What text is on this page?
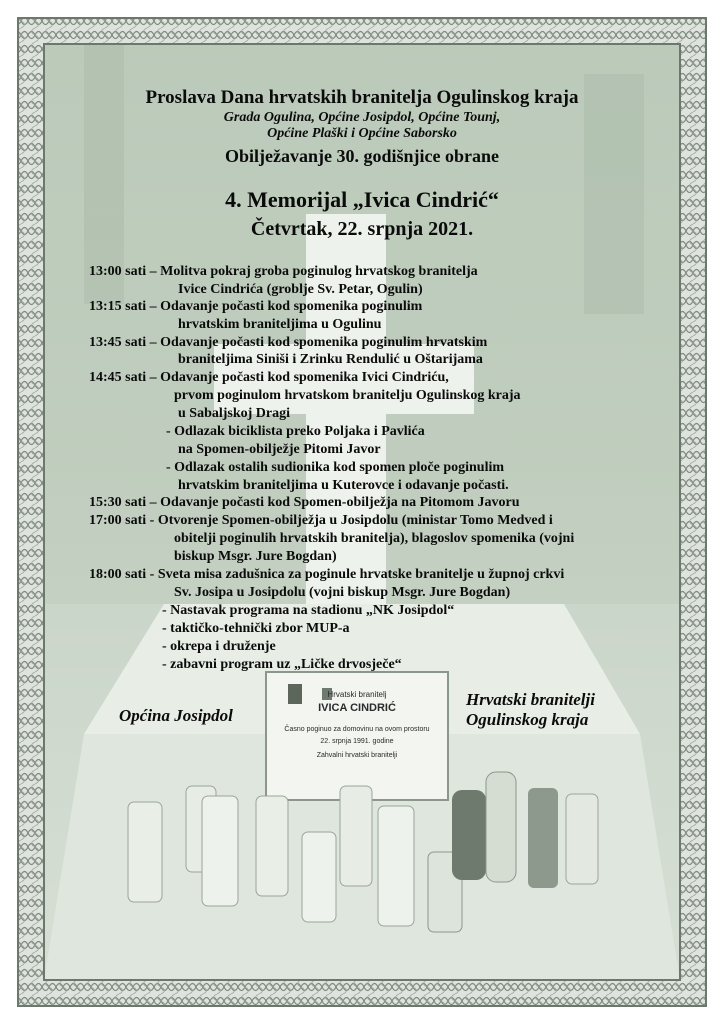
Proslava Dana hrvatskih branitelja Ogulinskog kraja
Grada Ogulina, Općine Josipdol, Općine Tounj,
Općine Plaški i Općine Saborsko
Obilježavanje 30. godišnjice obrane
4. Memorijal „Ivica Cindrić“
Četvrtak, 22. srpnja 2021.
13:00 sati – Molitva pokraj groba poginulog hrvatskog branitelja
Ivice Cindrića (groblje Sv. Petar, Ogulin)
13:15 sati – Odavanje počasti kod spomenika poginulim
hrvatskim braniteljima u Ogulinu
13:45 sati – Odavanje počasti kod spomenika poginulim hrvatskim
braniteljima Siniši i Zrinku Rendulić u Oštarijama
14:45 sati – Odavanje počasti kod spomenika Ivici Cindriću,
prvom poginulom hrvatskom branitelju Ogulinskog kraja
u Sabaljskoj Dragi
- Odlazak biciklista preko Poljaka i Pavlića
na Spomen-obilježje Pitomi Javor
- Odlazak ostalih sudionika kod spomen ploče poginulim
hrvatskim braniteljima u Kuterovce i odavanje počasti.
15:30 sati – Odavanje počasti kod Spomen-obilježja na Pitomom Javoru
17:00 sati - Otvorenje Spomen-obilježja u Josipdolu (ministar Tomo Medved i
obitelji poginulih hrvatskih branitelja), blagoslov spomenika (vojni
biskup Msgr. Jure Bogdan)
18:00 sati - Sveta misa zadušnica za poginule hrvatske branitelje u župnoj crkvi
Sv. Josipa u Josipdolu (vojni biskup Msgr. Jure Bogdan)
- Nastavak programa na stadionu „NK Josipdol“
- taktičko-tehnički zbor MUP-a
- okrepa i druženje
- zabavni program uz „Ličke drvosječe“
Općina Josipdol
Hrvatski branitelji
Ogulinskog kraja
Hrvatski branitelj
IVICA CINDRIĆ
Časno poginuo za domovinu na ovom prostoru
22. srpnja 1991. godine
Zahvalni hrvatski branitelji
